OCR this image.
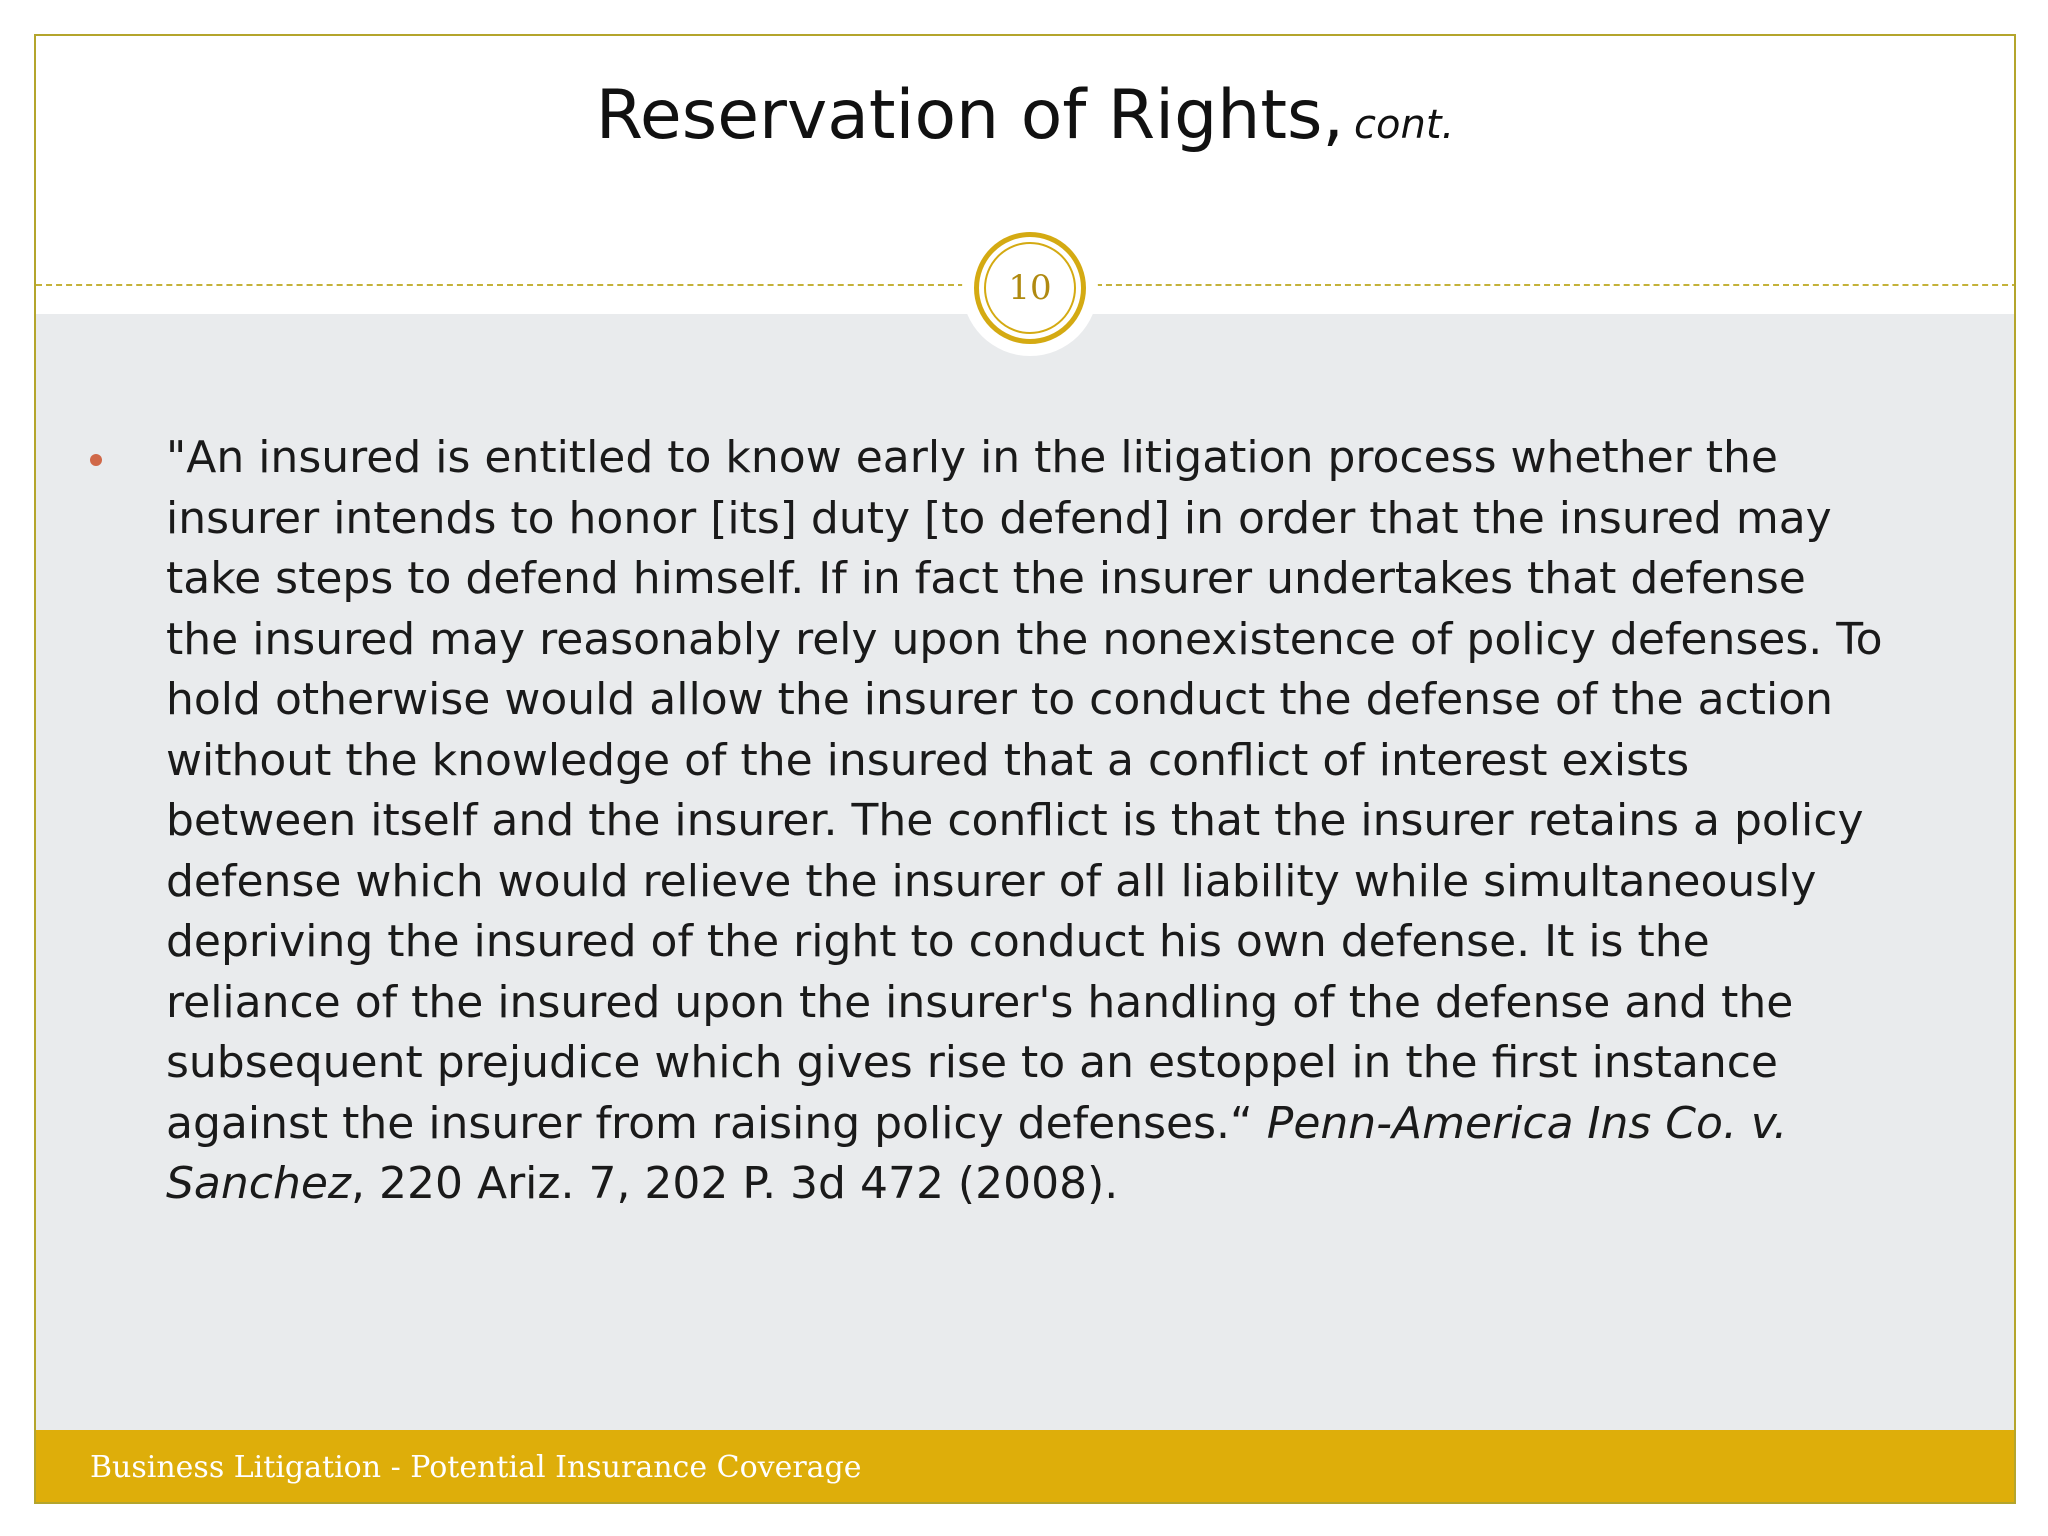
Reservation of Rights, cont.
10

"An insured is entitled to know early in the litigation process whether the
insurer intends to honor [its] duty [to defend] in order that the insured may
take steps to defend himself. If in fact the insurer undertakes that defense
the insured may reasonably rely upon the nonexistence of policy defenses. To
hold otherwise would allow the insurer to conduct the defense of the action
without the knowledge of the insured that a conflict of interest exists
between itself and the insurer. The conflict is that the insurer retains a policy
defense which would relieve the insurer of all liability while simultaneously
depriving the insured of the right to conduct his own defense. It is the
reliance of the insured upon the insurer's handling of the defense and the
subsequent prejudice which gives rise to an estoppel in the first instance
against the insurer from raising policy defenses.“ Penn-America Ins Co. v.
Sanchez, 220 Ariz. 7, 202 P. 3d 472 (2008).

Business Litigation - Potential Insurance Coverage
